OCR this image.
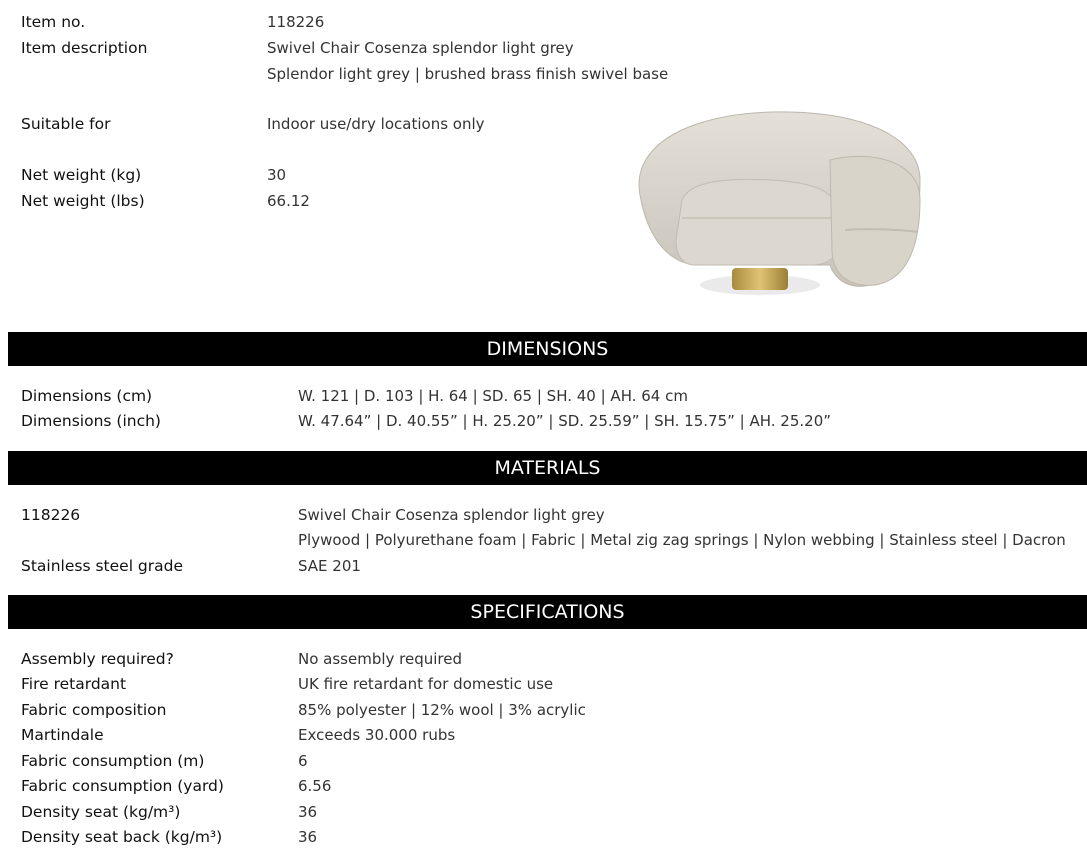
Item no.	118226
Item description	Swivel Chair Cosenza splendor light grey
Splendor light grey | brushed brass finish swivel base
Suitable for	Indoor use/dry locations only
Net weight (kg)	30
Net weight (lbs)	66.12
DIMENSIONS
Dimensions (cm)	W. 121 | D. 103 | H. 64 | SD. 65 | SH. 40 | AH. 64 cm
Dimensions (inch)	W. 47.64” | D. 40.55” | H. 25.20” | SD. 25.59” | SH. 15.75” | AH. 25.20”
MATERIALS
118226	Swivel Chair Cosenza splendor light grey
Plywood | Polyurethane foam | Fabric | Metal zig zag springs | Nylon webbing | Stainless steel | Dacron
Stainless steel grade	SAE 201
SPECIFICATIONS
Assembly required?	No assembly required
Fire retardant	UK fire retardant for domestic use
Fabric composition	85% polyester | 12% wool | 3% acrylic
Martindale	Exceeds 30.000 rubs
Fabric consumption (m)	6
Fabric consumption (yard)	6.56
Density seat (kg/m³)	36
Density seat back (kg/m³)	36
